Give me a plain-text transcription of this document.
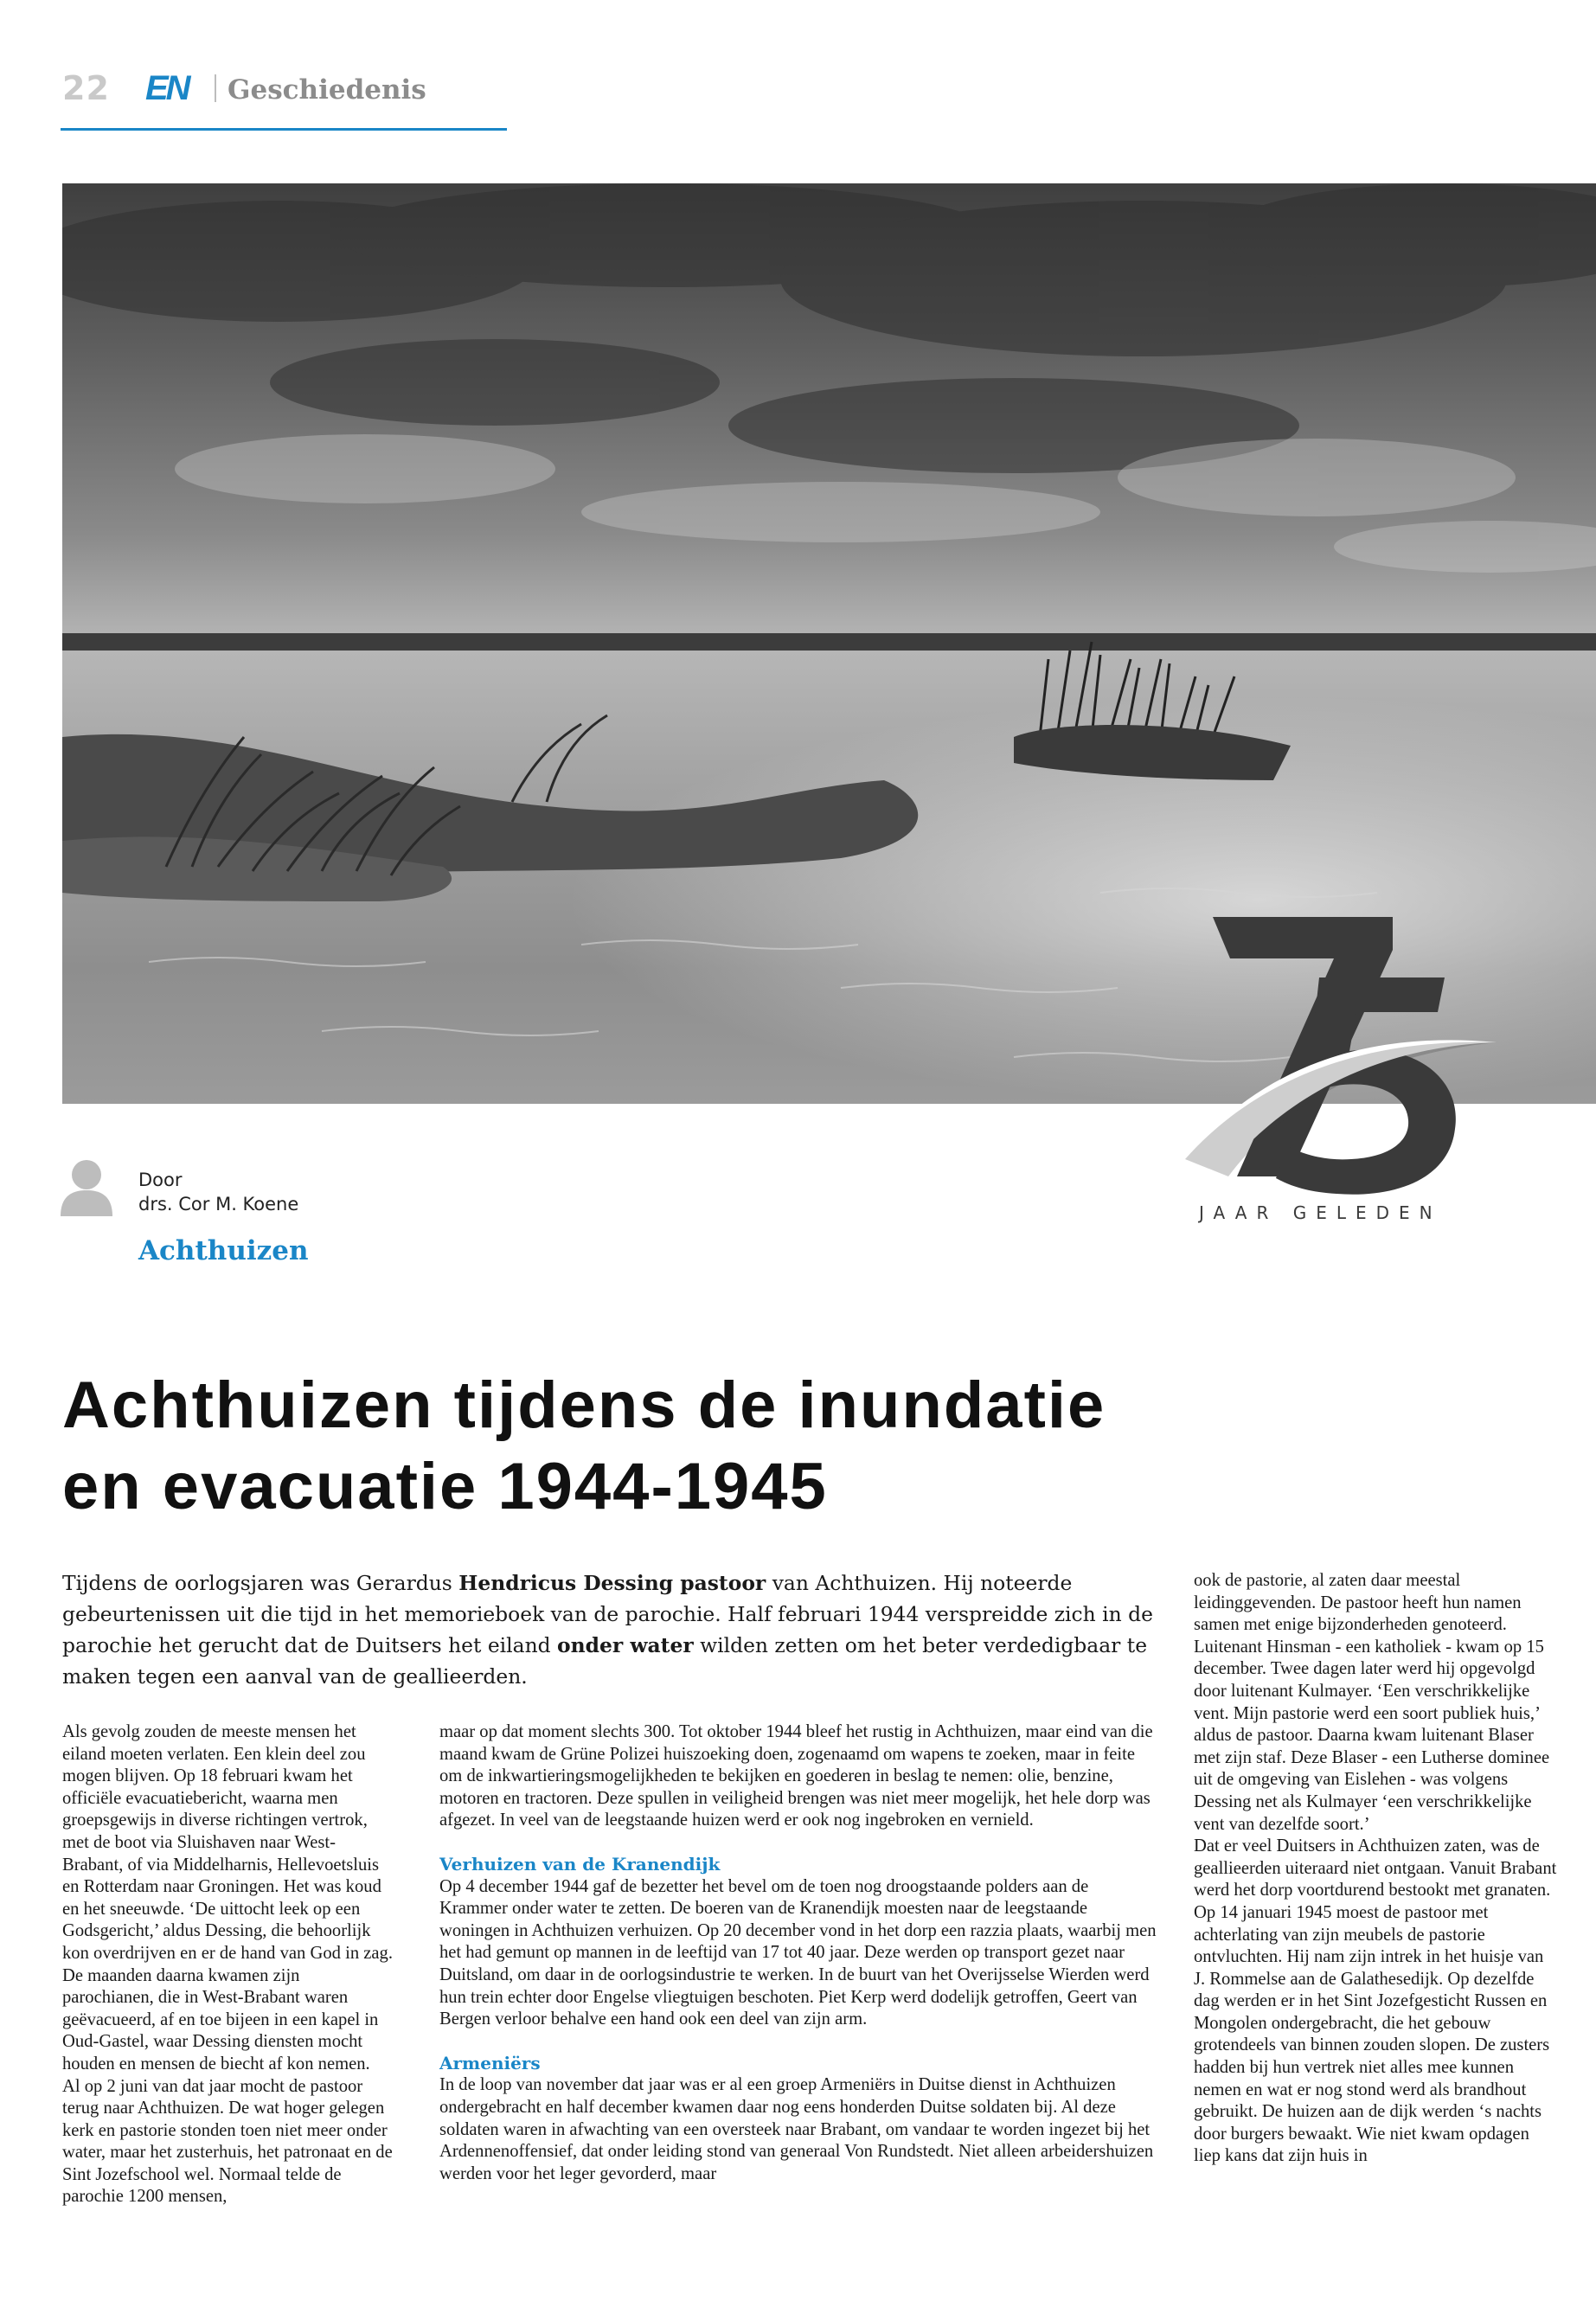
22 EN Geschiedenis
JAAR GELEDEN
Door
drs. Cor M. Koene
Achthuizen
Achthuizen tijdens de inundatie
en evacuatie 1944-1945

Tijdens de oorlogsjaren was Gerardus Hendricus Dessing pastoor van Achthuizen. Hij noteerde gebeurtenissen uit die tijd in het memorieboek van de parochie. Half februari 1944 verspreidde zich in de parochie het gerucht dat de Duitsers het eiland onder water wilden zetten om het beter verdedigbaar te maken tegen een aanval van de geallieerden.

Als gevolg zouden de meeste mensen het eiland moeten verlaten. Een klein deel zou mogen blijven. Op 18 februari kwam het officiële evacuatiebericht, waarna men groepsgewijs in diverse richtingen vertrok, met de boot via Sluishaven naar West-Brabant, of via Middelharnis, Hellevoetsluis en Rotterdam naar Groningen. Het was koud en het sneeuwde. ‘De uittocht leek op een Godsgericht,’ aldus Dessing, die behoorlijk kon overdrijven en er de hand van God in zag. De maanden daarna kwamen zijn parochianen, die in West-Brabant waren geëvacueerd, af en toe bijeen in een kapel in Oud-Gastel, waar Dessing diensten mocht houden en mensen de biecht af kon nemen.

Al op 2 juni van dat jaar mocht de pastoor terug naar Achthuizen. De wat hoger gelegen kerk en pastorie stonden toen niet meer onder water, maar het zusterhuis, het patronaat en de Sint Jozefschool wel. Normaal telde de parochie 1200 mensen,

maar op dat moment slechts 300. Tot oktober 1944 bleef het rustig in Achthuizen, maar eind van die maand kwam de Grüne Polizei huiszoeking doen, zogenaamd om wapens te zoeken, maar in feite om de inkwartieringsmogelijkheden te bekijken en goederen in beslag te nemen: olie, benzine, motoren en tractoren. Deze spullen in veiligheid brengen was niet meer mogelijk, het hele dorp was afgezet. In veel van de leegstaande huizen werd er ook nog ingebroken en vernield.

Verhuizen van de Kranendijk

Op 4 december 1944 gaf de bezetter het bevel om de toen nog droogstaande polders aan de Krammer onder water te zetten. De boeren van de Kranendijk moesten naar de leegstaande woningen in Achthuizen verhuizen. Op 20 december vond in het dorp een razzia plaats, waarbij men het had gemunt op mannen in de leeftijd van 17 tot 40 jaar. Deze werden op transport gezet naar Duitsland, om daar in de oorlogsindustrie te werken. In de buurt van het Overijsselse Wierden werd hun trein echter door Engelse vliegtuigen beschoten. Piet Kerp werd dodelijk getroffen, Geert van Bergen verloor behalve een hand ook een deel van zijn arm.

Armeniërs

In de loop van november dat jaar was er al een groep Armeniërs in Duitse dienst in Achthuizen ondergebracht en half december kwamen daar nog eens honderden Duitse soldaten bij. Al deze soldaten waren in afwachting van een oversteek naar Brabant, om vandaar te worden ingezet bij het Ardennenoffensief, dat onder leiding stond van generaal Von Rundstedt. Niet alleen arbeidershuizen werden voor het leger gevorderd, maar

ook de pastorie, al zaten daar meestal leidinggevenden. De pastoor heeft hun namen samen met enige bijzonderheden genoteerd. Luitenant Hinsman - een katholiek - kwam op 15 december. Twee dagen later werd hij opgevolgd door luitenant Kulmayer. ‘Een verschrikkelijke vent. Mijn pastorie werd een soort publiek huis,’ aldus de pastoor. Daarna kwam luitenant Blaser met zijn staf. Deze Blaser - een Lutherse dominee uit de omgeving van Eislehen - was volgens Dessing net als Kulmayer ‘een verschrikkelijke vent van dezelfde soort.’

Dat er veel Duitsers in Achthuizen zaten, was de geallieerden uiteraard niet ontgaan. Vanuit Brabant werd het dorp voortdurend bestookt met granaten. Op 14 januari 1945 moest de pastoor met achterlating van zijn meubels de pastorie ontvluchten. Hij nam zijn intrek in het huisje van J. Rommelse aan de Galathesedijk. Op dezelfde dag werden er in het Sint Jozefgesticht Russen en Mongolen ondergebracht, die het gebouw grotendeels van binnen zouden slopen. De zusters hadden bij hun vertrek niet alles mee kunnen nemen en wat er nog stond werd als brandhout gebruikt. De huizen aan de dijk werden ‘s nachts door burgers bewaakt. Wie niet kwam opdagen liep kans dat zijn huis in
